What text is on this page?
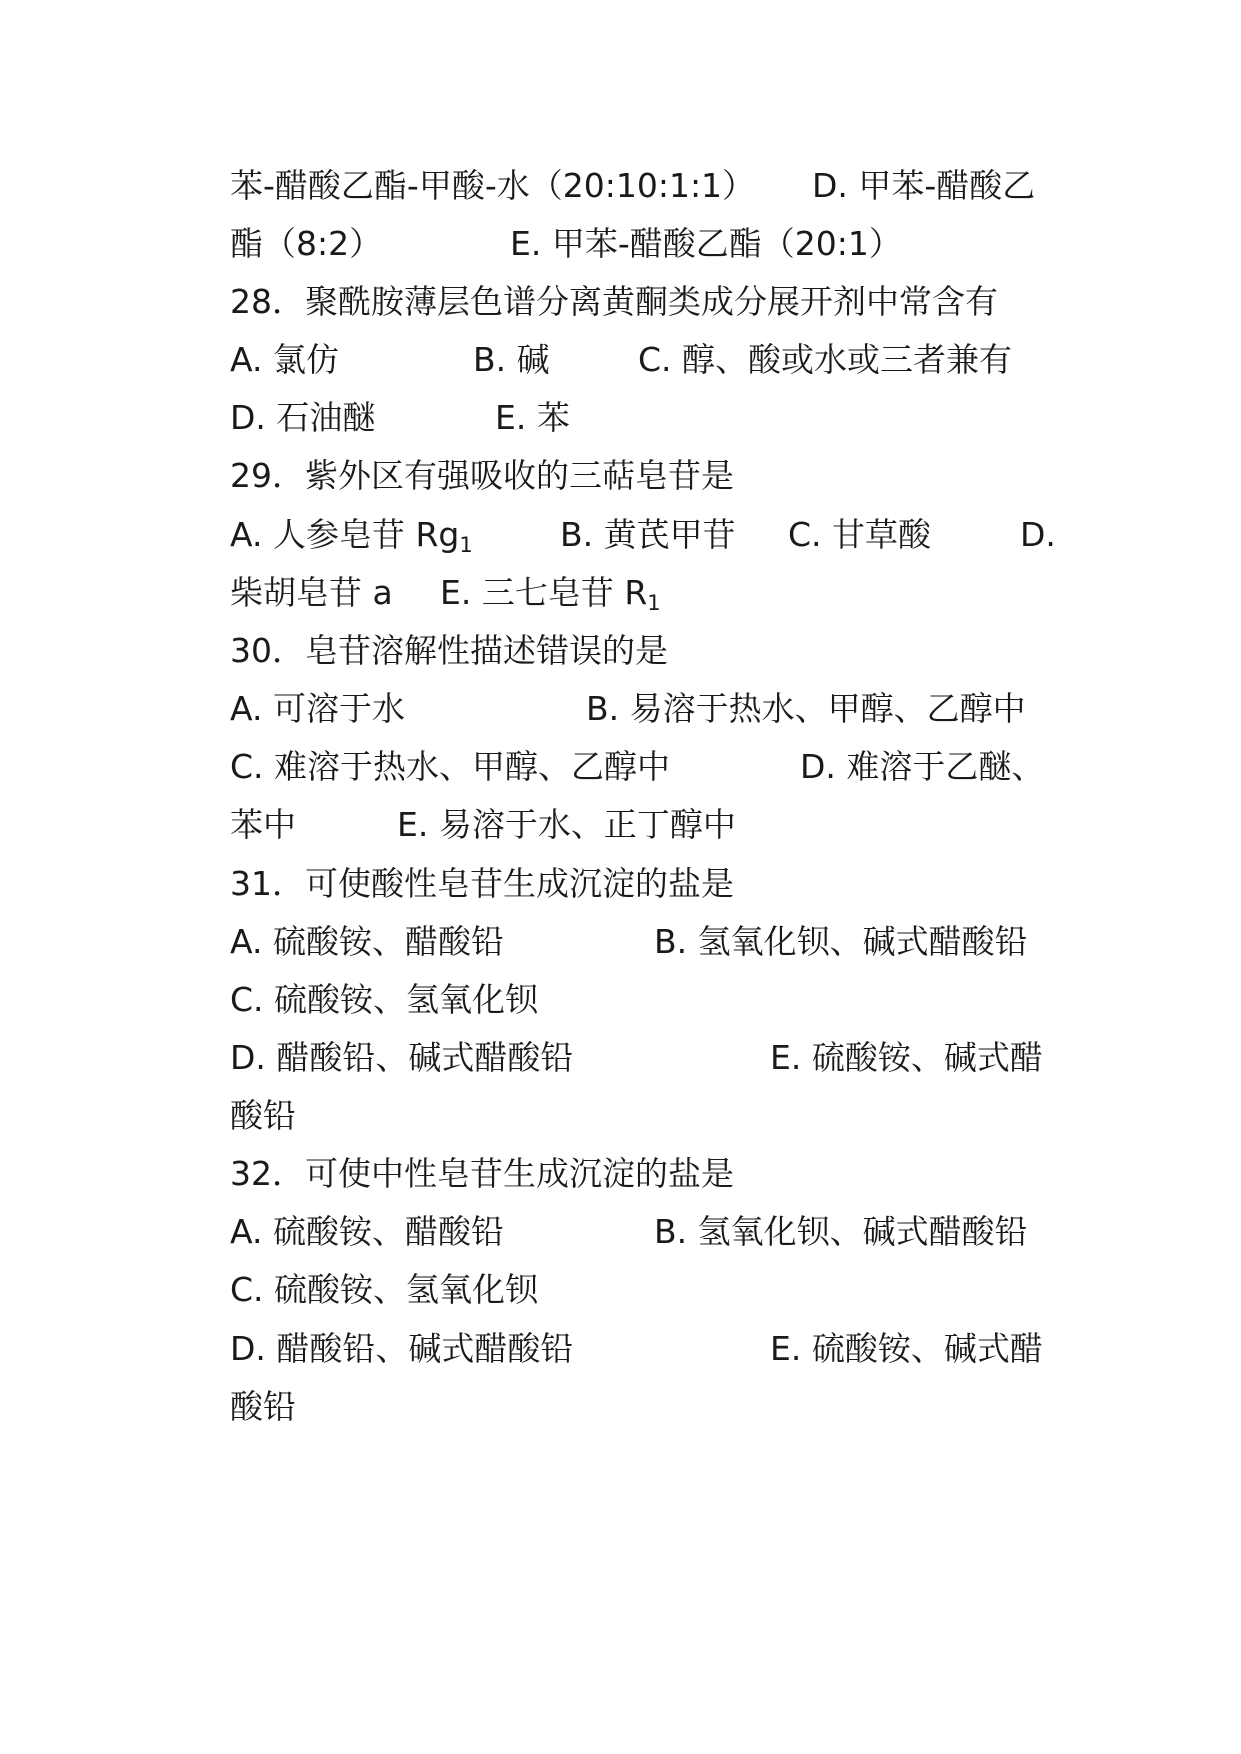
苯-醋酸乙酯-甲酸-水（20:10:1:1） D. 甲苯-醋酸乙
酯（8:2）	E. 甲苯-醋酸乙酯（20:1）
28．聚酰胺薄层色谱分离黄酮类成分展开剂中常含有
A. 氯仿	B. 碱	C. 醇、酸或水或三者兼有
D. 石油醚	E. 苯
29．紫外区有强吸收的三萜皂苷是
A. 人参皂苷 $Rg_1$	B. 黄芪甲苷 C. 甘草酸	D.
柴胡皂苷 a E. 三七皂苷 $R_1$
30．皂苷溶解性描述错误的是
A. 可溶于水	B. 易溶于热水、甲醇、乙醇中
C. 难溶于热水、甲醇、乙醇中	D. 难溶于乙醚、
苯中	E. 易溶于水、正丁醇中
31．可使酸性皂苷生成沉淀的盐是
A. 硫酸铵、醋酸铅	B. 氢氧化钡、碱式醋酸铅
C. 硫酸铵、氢氧化钡
D. 醋酸铅、碱式醋酸铅	E. 硫酸铵、碱式醋
酸铅
32．可使中性皂苷生成沉淀的盐是
A. 硫酸铵、醋酸铅	B. 氢氧化钡、碱式醋酸铅
C. 硫酸铵、氢氧化钡
D. 醋酸铅、碱式醋酸铅	E. 硫酸铵、碱式醋
酸铅
